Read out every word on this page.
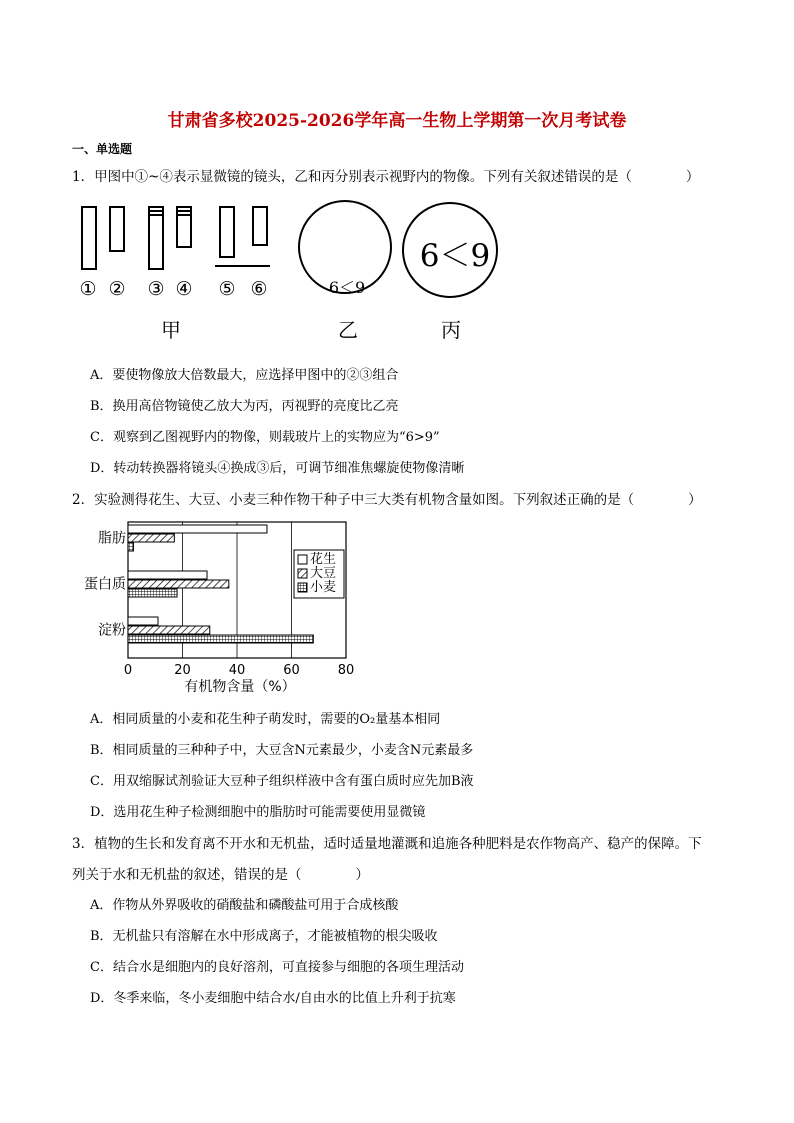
甘肃省多校2025-2026学年高一生物上学期第一次月考试卷
一、单选题
1．甲图中①~④表示显微镜的镜头，乙和丙分别表示视野内的物像。下列有关叙述错误的是（　　　　）
① ② ③ ④ ⑤ ⑥	6＜9
6＜9
甲	乙	丙
A．要使物像放大倍数最大，应选择甲图中的②③组合
B．换用高倍物镜使乙放大为丙，丙视野的亮度比乙亮
C．观察到乙图视野内的物像，则载玻片上的实物应为“6>9”
D．转动转换器将镜头④换成③后，可调节细准焦螺旋使物像清晰
2．实验测得花生、大豆、小麦三种作物干种子中三大类有机物含量如图。下列叙述正确的是（　　　　）
脂肪
蛋白质
淀粉
0	20	40	60	80
有机物含量（%）
花生
大豆
小麦
A．相同质量的小麦和花生种子萌发时，需要的O₂量基本相同
B．相同质量的三种种子中，大豆含N元素最少，小麦含N元素最多
C．用双缩脲试剂验证大豆种子组织样液中含有蛋白质时应先加B液
D．选用花生种子检测细胞中的脂肪时可能需要使用显微镜
3．植物的生长和发育离不开水和无机盐，适时适量地灌溉和追施各种肥料是农作物高产、稳产的保障。下
列关于水和无机盐的叙述，错误的是（　　　　）
A．作物从外界吸收的硝酸盐和磷酸盐可用于合成核酸
B．无机盐只有溶解在水中形成离子，才能被植物的根尖吸收
C．结合水是细胞内的良好溶剂，可直接参与细胞的各项生理活动
D．冬季来临，冬小麦细胞中结合水/自由水的比值上升利于抗寒
